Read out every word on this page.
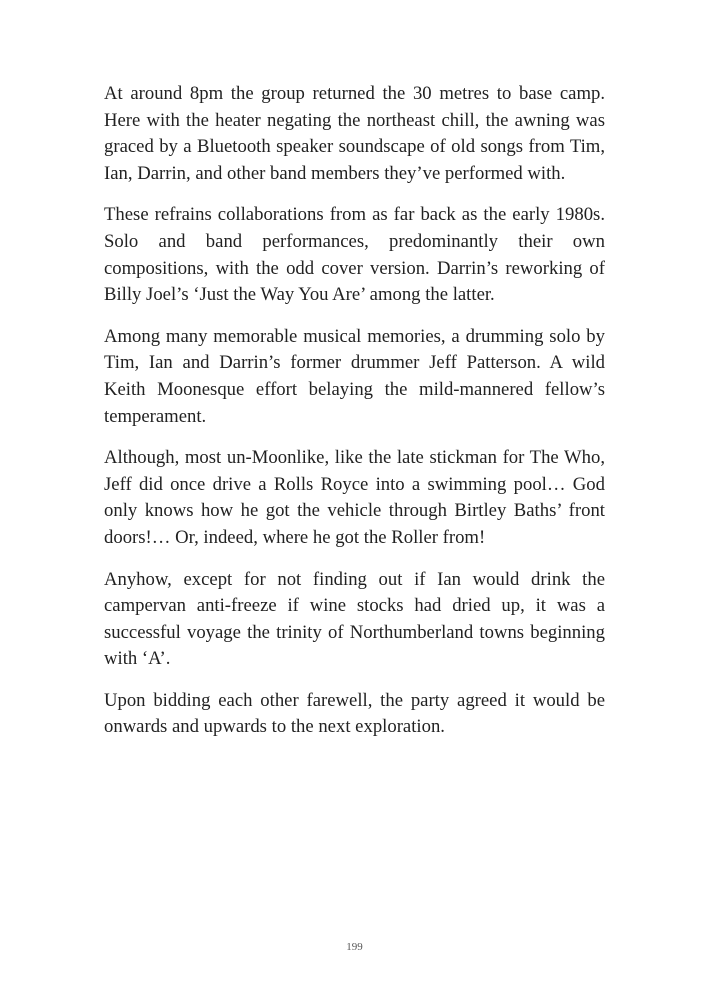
At around 8pm the group returned the 30 metres to base camp. Here with the heater negating the northeast chill, the awning was graced by a Bluetooth speaker soundscape of old songs from Tim, Ian, Darrin, and other band members they’ve performed with.

These refrains collaborations from as far back as the early 1980s. Solo and band performances, predominantly their own compositions, with the odd cover version. Darrin’s reworking of Billy Joel’s ‘Just the Way You Are’ among the latter.

Among many memorable musical memories, a drumming solo by Tim, Ian and Darrin’s former drummer Jeff Patterson. A wild Keith Moonesque effort belaying the mild-mannered fellow’s temperament.

Although, most un-Moonlike, like the late stickman for The Who, Jeff did once drive a Rolls Royce into a swimming pool… God only knows how he got the vehicle through Birtley Baths’ front doors!… Or, indeed, where he got the Roller from!

Anyhow, except for not finding out if Ian would drink the campervan anti-freeze if wine stocks had dried up, it was a successful voyage the trinity of Northumberland towns beginning with ‘A’.

Upon bidding each other farewell, the party agreed it would be onwards and upwards to the next exploration.

199
